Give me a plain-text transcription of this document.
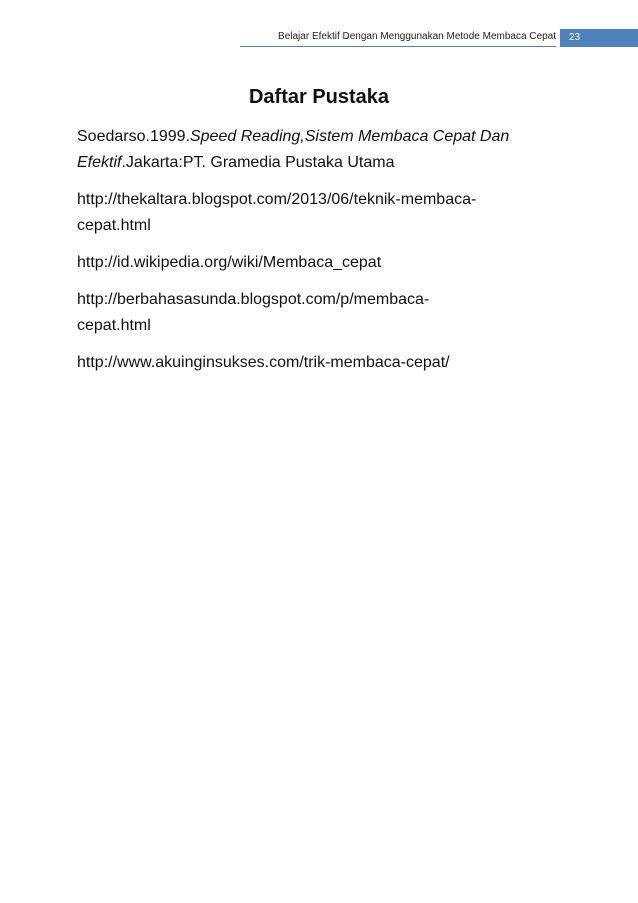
Belajar Efektif Dengan Menggunakan Metode Membaca Cepat 23
Daftar Pustaka

Soedarso.1999.Speed Reading,Sistem Membaca Cepat Dan
Efektif.Jakarta:PT. Gramedia Pustaka Utama

http://thekaltara.blogspot.com/2013/06/teknik-membaca-
cepat.html

http://id.wikipedia.org/wiki/Membaca_cepat

http://berbahasasunda.blogspot.com/p/membaca-
cepat.html

http://www.akuinginsukses.com/trik-membaca-cepat/
